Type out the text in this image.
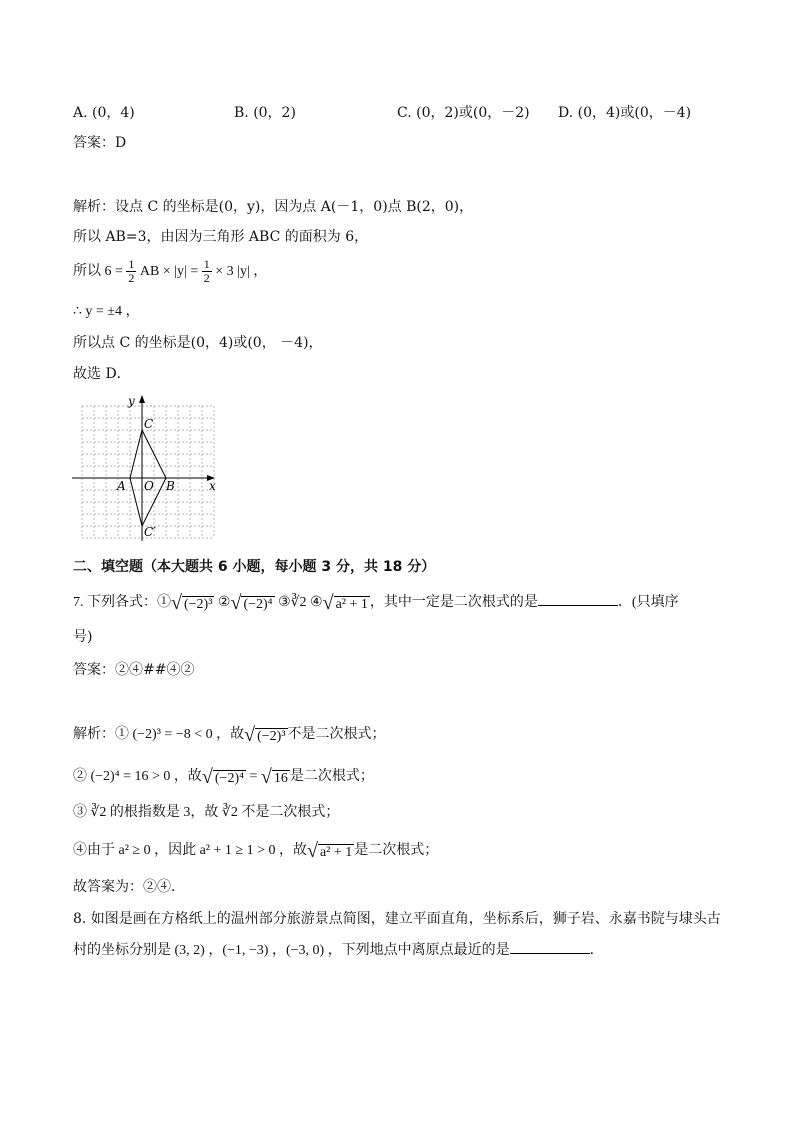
A. (0，4)	B. (0，2)	C. (0，2)或(0，－2) D. (0，4)或(0，－4)
答案：D
解析：设点 C 的坐标是(0，y)，因为点 A(－1，0)点 B(2，0)，
所以 AB=3，由因为三角形 ABC 的面积为 6，
所以 $6 = \frac{1}{2}$ AB × $|y| = \frac{1}{2} \times 3$ |y| ，
∴ y = ±4 ，
所以点 C 的坐标是(0，4)或(0， －4)，
故选 D．
y
x
C
A O B
C′
二、填空题（本大题共 6 小题，每小题 3 分，共 18 分）
7. 下列各式：① √ (−2)³ ② √ (−2)⁴ ③∛2 ④ √ a² + 1 ，其中一定是二次根式的是	．(只填序
号)
答案：②④##④②
解析：① (−2)³ = −8 < 0 ，故 √ (−2)³ 不是二次根式；
② (−2)⁴ = 16 > 0 ，故 √ (−2)⁴ = √ 16 是二次根式；
③ ∛2 的根指数是 3，故 ∛2 不是二次根式；
④由于 a² ≥ 0 ，因此 a² + 1 ≥ 1 > 0 ，故 √ a² + 1 是二次根式；
故答案为：②④．
8. 如图是画在方格纸上的温州部分旅游景点简图，建立平面直角，坐标系后，狮子岩、永嘉书院与埭头古
村的坐标分别是 (3, 2) ，(−1, −3) ，(−3, 0) ，下列地点中离原点最近的是	．
